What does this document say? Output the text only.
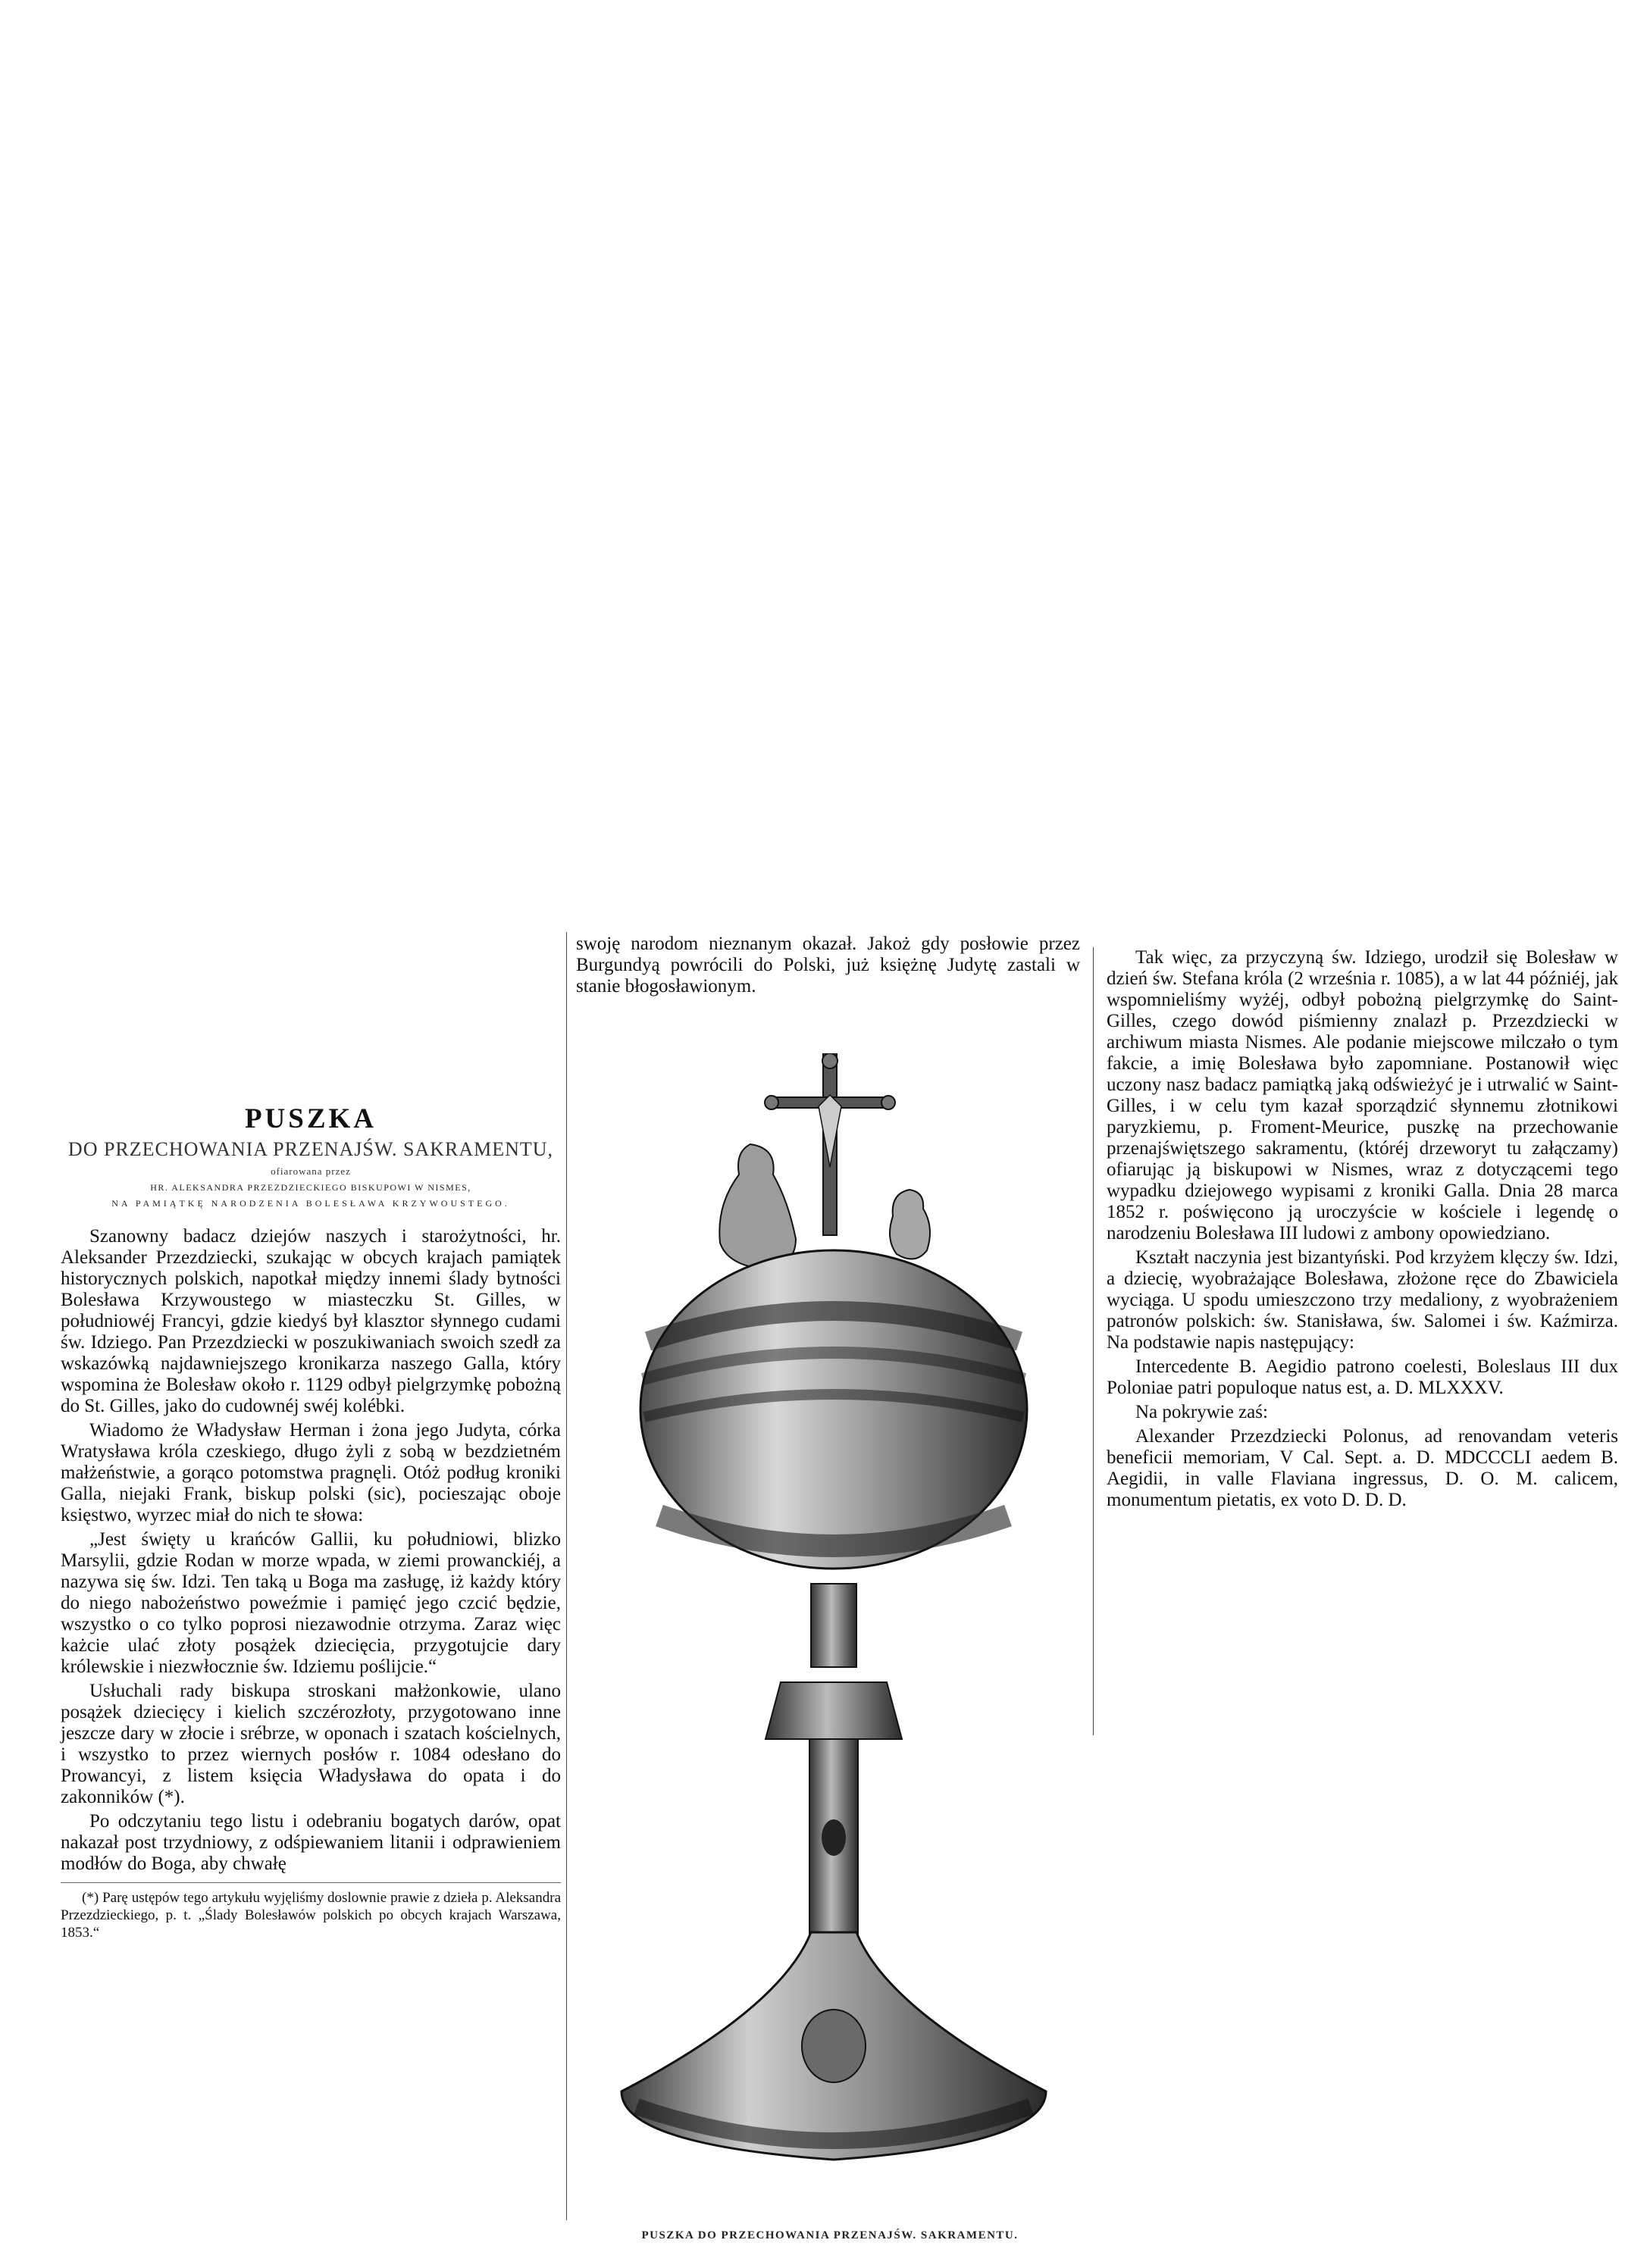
PUSZKA
DO PRZECHOWANIA PRZENAJŚW. SAKRAMENTU,
ofiarowana przez
HR. ALEKSANDRA PRZEZDZIECKIEGO BISKUPOWI W NISMES,
NA PAMIĄTKĘ NARODZENIA BOLESŁAWA KRZYWOUSTEGO.

Szanowny badacz dziejów naszych i starożytności, hr. Aleksander Przezdziecki, szukając w obcych krajach pamiątek historycznych polskich, napotkał między innemi ślady bytności Bolesława Krzywoustego w miasteczku St. Gilles, w południowéj Francyi, gdzie kiedyś był klasztor słynnego cudami św. Idziego. Pan Przezdziecki w poszukiwaniach swoich szedł za wskazówką najdawniejszego kronikarza naszego Galla, który wspomina że Bolesław około r. 1129 odbył pielgrzymkę pobożną do St. Gilles, jako do cudownéj swéj kolébki.

Wiadomo że Władysław Herman i żona jego Judyta, córka Wratysława króla czeskiego, długo żyli z sobą w bezdzietném małżeństwie, a gorąco potomstwa pragnęli. Otóż podług kroniki Galla, niejaki Frank, biskup polski (sic), pocieszając oboje księstwo, wyrzec miał do nich te słowa:

„Jest święty u krańców Gallii, ku południowi, blizko Marsylii, gdzie Rodan w morze wpada, w ziemi prowanckiéj, a nazywa się św. Idzi. Ten taką u Boga ma zasługę, iż każdy który do niego nabożeństwo poweźmie i pamięć jego czcić będzie, wszystko o co tylko poprosi niezawodnie otrzyma. Zaraz więc każcie ulać złoty posążek dziecięcia, przygotujcie dary królewskie i niezwłocznie św. Idziemu poślijcie.“

Usłuchali rady biskupa stroskani małżonkowie, ulano posążek dziecięcy i kielich szczérozłoty, przygotowano inne jeszcze dary w złocie i srébrze, w oponach i szatach kościelnych, i wszystko to przez wiernych posłów r. 1084 odesłano do Prowancyi, z listem księcia Władysława do opata i do zakonników (*).

Po odczytaniu tego listu i odebraniu bogatych darów, opat nakazał post trzydniowy, z odśpiewaniem litanii i odprawieniem modłów do Boga, aby chwałę

(*) Parę ustępów tego artykułu wyjęliśmy doslownie prawie z dzieła p. Aleksandra Przezdzieckiego, p. t. „Ślady Bolesławów polskich po obcych krajach Warszawa, 1853.“

swoję narodom nieznanym okazał. Jakoż gdy posłowie przez Burgundyą powrócili do Polski, już księżnę Judytę zastali w stanie błogosławionym.

PUSZKA DO PRZECHOWANIA PRZENAJŚW. SAKRAMENTU.

Tak więc, za przyczyną św. Idziego, urodził się Bolesław w dzień św. Stefana króla (2 września r. 1085), a w lat 44 późniéj, jak wspomnieliśmy wyżéj, odbył pobożną pielgrzymkę do Saint-Gilles, czego dowód piśmienny znalazł p. Przezdziecki w archiwum miasta Nismes. Ale podanie miejscowe milczało o tym fakcie, a imię Bolesława było zapomniane. Postanowił więc uczony nasz badacz pamiątką jaką odświeżyć je i utrwalić w Saint-Gilles, i w celu tym kazał sporządzić słynnemu złotnikowi paryzkiemu, p. Froment-Meurice, puszkę na przechowanie przenajświętszego sakramentu, (któréj drzeworyt tu załączamy) ofiarując ją biskupowi w Nismes, wraz z dotyczącemi tego wypadku dziejowego wypisami z kroniki Galla. Dnia 28 marca 1852 r. poświęcono ją uroczyście w kościele i legendę o narodzeniu Bolesława III ludowi z ambony opowiedziano.

Kształt naczynia jest bizantyński. Pod krzyżem klęczy św. Idzi, a dziecię, wyobrażające Bolesława, złożone ręce do Zbawiciela wyciąga. U spodu umieszczono trzy medaliony, z wyobrażeniem patronów polskich: św. Stanisława, św. Salomei i św. Kaźmirza. Na podstawie napis następujący:

Intercedente B. Aegidio patrono coelesti, Boleslaus III dux Poloniae patri populoque natus est, a. D. MLXXXV.

Na pokrywie zaś:

Alexander Przezdziecki Polonus, ad renovandam veteris beneficii memoriam, V Cal. Sept. a. D. MDCCCLI aedem B. Aegidii, in valle Flaviana ingressus, D. O. M. calicem, monumentum pietatis, ex voto D. D. D.
